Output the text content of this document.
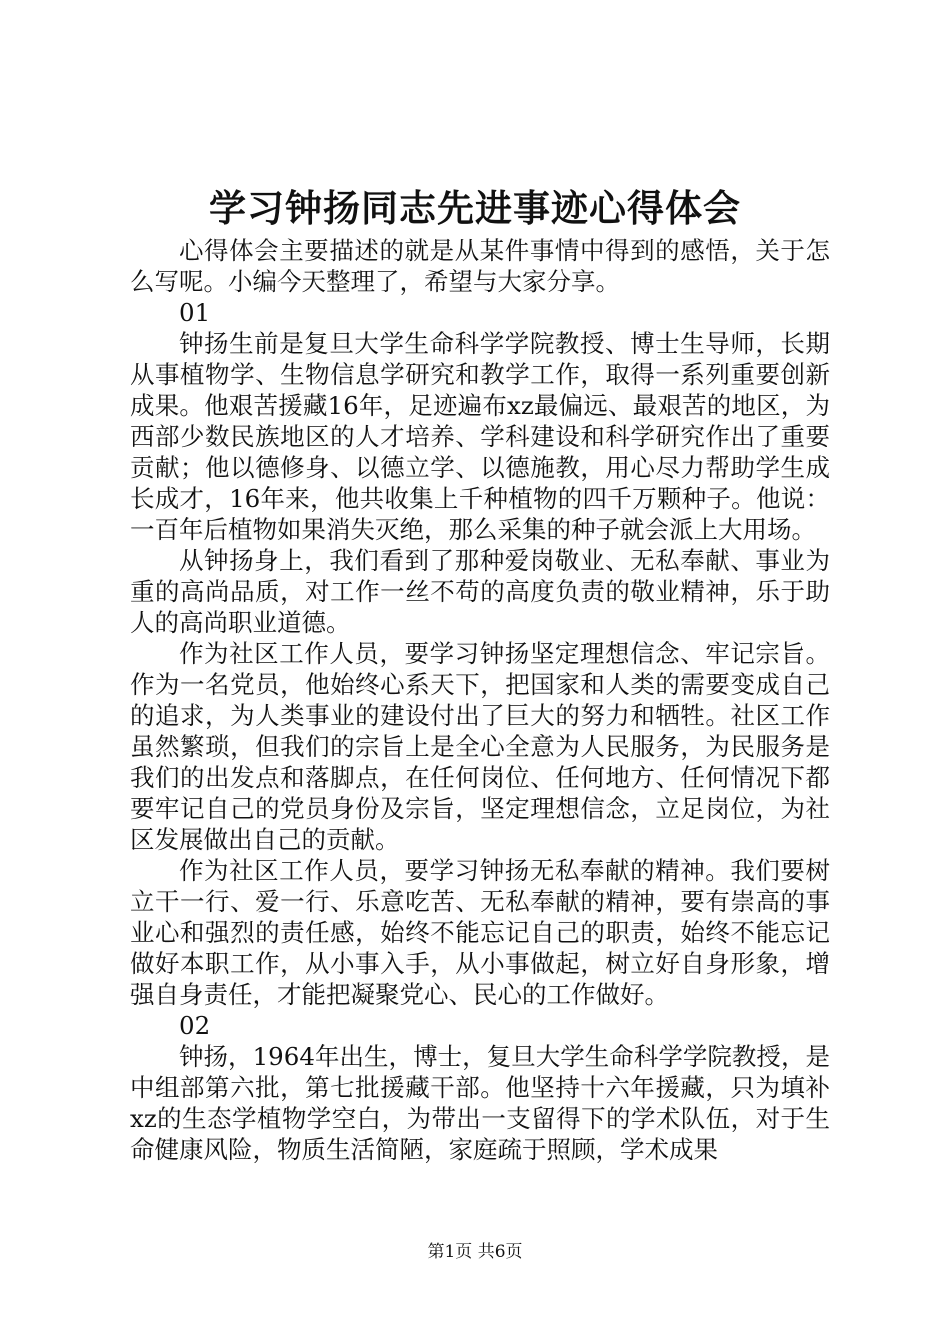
学习钟扬同志先进事迹心得体会

心得体会主要描述的就是从某件事情中得到的感悟，关于怎么写呢。小编今天整理了，希望与大家分享。

01

钟扬生前是复旦大学生命科学学院教授、博士生导师，长期从事植物学、生物信息学研究和教学工作，取得一系列重要创新成果。他艰苦援藏16年，足迹遍布xz最偏远、最艰苦的地区，为西部少数民族地区的人才培养、学科建设和科学研究作出了重要贡献；他以德修身、以德立学、以德施教，用心尽力帮助学生成长成才，16年来，他共收集上千种植物的四千万颗种子。他说：一百年后植物如果消失灭绝，那么采集的种子就会派上大用场。

从钟扬身上，我们看到了那种爱岗敬业、无私奉献、事业为重的高尚品质，对工作一丝不苟的高度负责的敬业精神，乐于助人的高尚职业道德。

作为社区工作人员，要学习钟扬坚定理想信念、牢记宗旨。作为一名党员，他始终心系天下，把国家和人类的需要变成自己的追求，为人类事业的建设付出了巨大的努力和牺牲。社区工作虽然繁琐，但我们的宗旨上是全心全意为人民服务，为民服务是我们的出发点和落脚点，在任何岗位、任何地方、任何情况下都要牢记自己的党员身份及宗旨，坚定理想信念，立足岗位，为社区发展做出自己的贡献。

作为社区工作人员，要学习钟扬无私奉献的精神。我们要树立干一行、爱一行、乐意吃苦、无私奉献的精神，要有崇高的事业心和强烈的责任感，始终不能忘记自己的职责，始终不能忘记做好本职工作，从小事入手，从小事做起，树立好自身形象，增强自身责任，才能把凝聚党心、民心的工作做好。

02

钟扬，1964年出生，博士，复旦大学生命科学学院教授，是中组部第六批，第七批援藏干部。他坚持十六年援藏，只为填补xz的生态学植物学空白，为带出一支留得下的学术队伍，对于生命健康风险，物质生活简陋，家庭疏于照顾，学术成果

第1页 共6页
